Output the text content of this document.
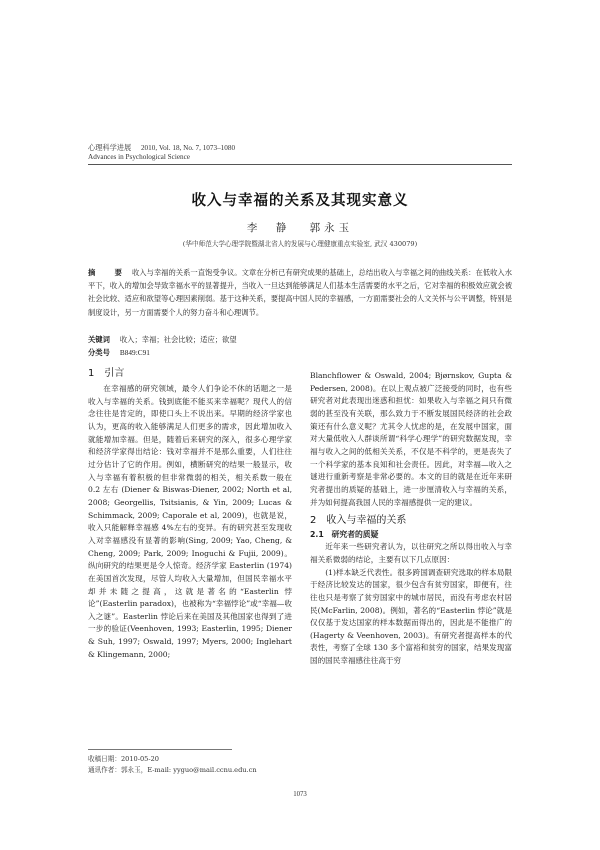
心理科学进展 2010, Vol. 18, No. 7, 1073–1080
Advances in Psychological Science
收入与幸福的关系及其现实意义
李　静 郭永玉
(华中师范大学心理学院暨湖北省人的发展与心理健康重点实验室, 武汉 430079)
摘　要 收入与幸福的关系一直饱受争议。文章在分析已有研究成果的基础上，总结出收入与幸福之间的曲线关系：在低收入水平下，收入的增加会导致幸福水平的显著提升，当收入一旦达到能够满足人们基本生活需要的水平之后，它对幸福的积极效应就会被社会比较、适应和欲望等心理因素削弱。基于这种关系，要提高中国人民的幸福感，一方面需要社会的人文关怀与公平调整，特别是制度设计，另一方面需要个人的努力奋斗和心理调节。
关键词 收入；幸福；社会比较；适应；欲望
分类号 B849:C91
1　引言

在幸福感的研究领域，最令人们争论不休的话题之一是收入与幸福的关系。钱到底能不能买来幸福呢？现代人的信念往往是肯定的，即使口头上不说出来。早期的经济学家也认为，更高的收入能够满足人们更多的需求，因此增加收入就能增加幸福。但是，随着后来研究的深入，很多心理学家和经济学家得出结论：钱对幸福并不是那么重要，人们往往过分估计了它的作用。例如，横断研究的结果一般显示，收入与幸福有着积极的但非常微弱的相关，相关系数一般在 0.2 左右 (Diener & Biswas-Diener, 2002; North et al, 2008; Georgellis, Tsitsianis, & Yin, 2009; Lucas & Schimmack, 2009; Caporale et al, 2009)，也就是说，收入只能解释幸福感 4%左右的变异。有的研究甚至发现收入对幸福感没有显著的影响(Sing, 2009; Yao, Cheng, & Cheng, 2009; Park, 2009; Inoguchi & Fujii, 2009)。纵向研究的结果更是令人惊奇。经济学家 Easterlin (1974) 在美国首次发现，尽管人均收入大量增加，但国民幸福水平却并未随之提高，这就是著名的“Easterlin 悖论”(Easterlin paradox)，也被称为“幸福悖论”或“幸福—收入之谜”。Easterlin 悖论后来在美国及其他国家也得到了进一步的验证(Veenhoven, 1993; Easterlin, 1995; Diener & Suh, 1997; Oswald, 1997; Myers, 2000; Inglehart & Klingemann, 2000;

Blanchflower & Oswald, 2004; Bjørnskov, Gupta & Pedersen, 2008)。在以上观点被广泛接受的同时，也有些研究者对此表现出迷惑和担忧：如果收入与幸福之间只有微弱的甚至没有关联，那么致力于不断发展国民经济的社会政策还有什么意义呢？尤其令人忧虑的是，在发展中国家，面对大量低收入人群谈所谓“科学心理学”的研究数据发现，幸福与收入之间的低相关关系，不仅是不科学的，更是丧失了一个科学家的基本良知和社会责任。因此，对幸福—收入之谜进行重新考察是非常必要的。本文的目的就是在近年来研究者提出的质疑的基础上，进一步厘清收入与幸福的关系，并为如何提高我国人民的幸福感提供一定的建议。

2　收入与幸福的关系
2.1　研究者的质疑

近年来一些研究者认为，以往研究之所以得出收入与幸福关系微弱的结论，主要有以下几点原因：

(1)样本缺乏代表性。很多跨国调查研究选取的样本局限于经济比较发达的国家，很少包含有贫穷国家，即便有，往往也只是考察了贫穷国家中的城市居民，而没有考虑农村居民(McFarlin, 2008)。例如，著名的“Easterlin 悖论”就是仅仅基于发达国家的样本数据而得出的，因此是不能推广的(Hagerty & Veenhoven, 2003)。有研究者提高样本的代表性，考察了全球 130 多个富裕和贫穷的国家，结果发现富国的国民幸福感往往高于穷

收稿日期：2010-05-20
通讯作者：郭永玉，E-mail: yyguo@mail.ccnu.edu.cn
1073
